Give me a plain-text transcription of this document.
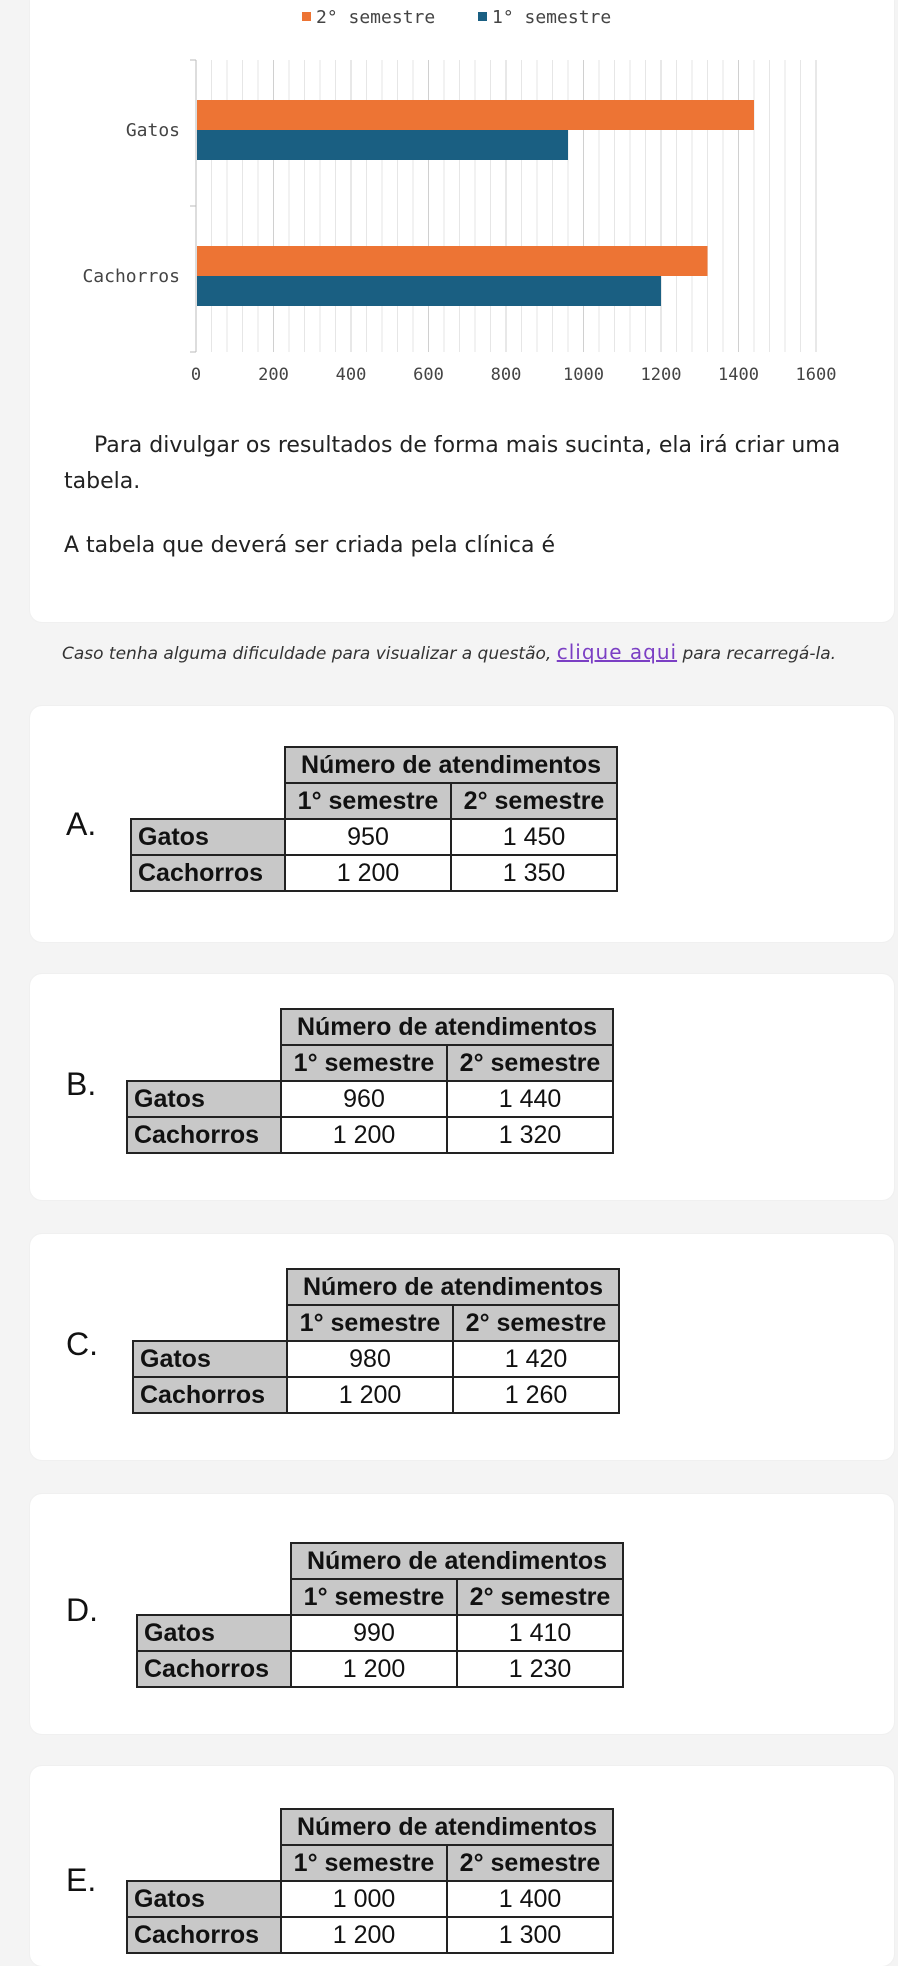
0	200	400	600	800 1000 1200 1400 1600
Gatos
Cachorros
2° semestre	1° semestre
Para divulgar os resultados de forma mais sucinta, ela irá criar uma tabela.
A tabela que deverá ser criada pela clínica é
Caso tenha alguma dificuldade para visualizar a questão, clique aqui para recarregá-la.
A.
	Número de atendimentos	
	1° semestre	2° semestre
Gatos	950	1 450
Cachorros	1 200	1 350
B.
	Número de atendimentos	
	1° semestre	2° semestre
Gatos	960	1 440
Cachorros	1 200	1 320
C.
	Número de atendimentos	
	1° semestre	2° semestre
Gatos	980	1 420
Cachorros	1 200	1 260
D.
	Número de atendimentos	
	1° semestre	2° semestre
Gatos	990	1 410
Cachorros	1 200	1 230
E.
	Número de atendimentos	
	1° semestre	2° semestre
Gatos	1 000	1 400
Cachorros	1 200	1 300
